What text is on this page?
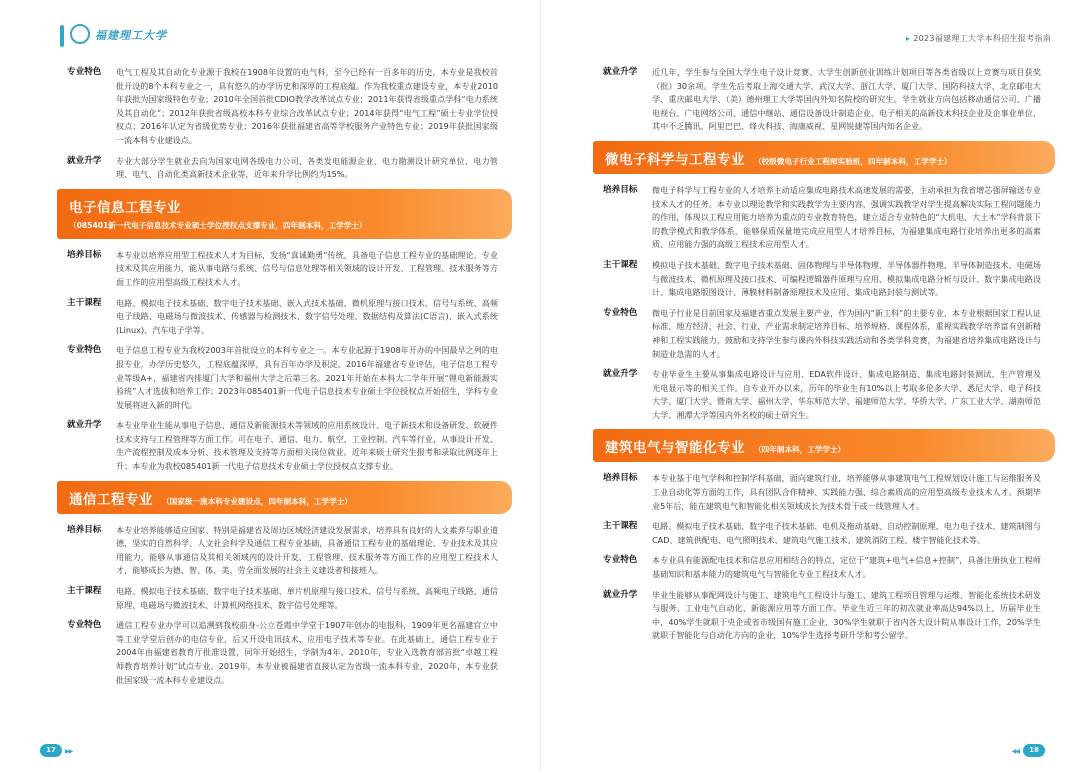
福建理工大学
专业特色	电气工程及其自动化专业源于我校在1908年设置的电气科，至今已经有一百多年的历史，本专业是我校首批开设的8个本科专业之一，具有悠久的办学历史和深厚的工程底蕴。作为我校重点建设专业，本专业2010年获批为国家级特色专业；2010年全国首批CDIO教学改革试点专业；2011年获得省级重点学科“电力系统及其自动化”；2012年获批省级高校本科专业综合改革试点专业；2014年获得“电气工程”硕士专业学位授权点；2016年认定为省级优势专业；2016年获批福建省高等学校服务产业特色专业；2019年获批国家级一流本科专业建设点。
就业升学	专业大部分学生就业去向为国家电网各级电力公司、各类发电能源企业、电力勘测设计研究单位、电力管理、电气、自动化类高新技术企业等，近年来升学比例约为15%。
电子信息工程专业
（085401新一代电子信息技术专业硕士学位授权点支撑专业，四年制本科，工学学士）
培养目标	本专业以培养应用型工程技术人才为目标，发扬“真诚勤勇”传统，具备电子信息工程专业的基础理论、专业技术及其应用能力，能从事电路与系统、信号与信息处理等相关领域的设计开发、工程管理、技术服务等方面工作的应用型高级工程技术人才。
主干课程	电路、模拟电子技术基础、数字电子技术基础、嵌入式技术基础、微机原理与接口技术、信号与系统、高频电子线路、电磁场与微波技术、传感器与检测技术、数字信号处理、数据结构及算法(C语言)、嵌入式系统(Linux)、汽车电子学等。
专业特色	电子信息工程专业为我校2003年首批设立的本科专业之一。本专业起源于1908年开办的中国最早之列的电报专业，办学历史悠久，工程底蕴深厚，具有百年办学及积淀。2016年福建省专业评估，电子信息工程专业等级A+，福建省内排厦门大学和福州大学之后第三名。2021年开始在本科大二学年开展“锂电新能源实验班”人才选拔和培养工作；2023年085401新一代电子信息技术专业硕士学位授权点开始招生，学科专业发展将进入新的时代。
就业升学	本专业毕业生能从事电子信息、通信及新能源技术等领域的应用系统设计、电子新技术和设备研发、软硬件技术支持与工程管理等方面工作。可在电子、通信、电力、航空、工业控制、汽车等行业，从事设计开发、生产流程控制及成本分析、技术管理及支持等方面相关岗位就业。近年来硕士研究生报考和录取比例逐年上升；本专业为我校085401新一代电子信息技术专业硕士学位授权点支撑专业。
通信工程专业 （国家级一流本科专业建设点，四年制本科，工学学士）
培养目标	本专业培养能够适应国家、特别是福建省及周边区域经济建设发展需求，培养具有良好的人文素养与职业道德，坚实的自然科学、人文社会科学及通信工程专业基础，具备通信工程专业的基础理论、专业技术及其应用能力，能够从事通信及其相关领域内的设计开发、工程管理、技术服务等方面工作的应用型工程技术人才，能够成长为德、智、体、美、劳全面发展的社会主义建设者和接班人。
主干课程	电路、模拟电子技术基础、数字电子技术基础、单片机原理与接口技术、信号与系统、高频电子线路、通信原理、电磁场与微波技术、计算机网络技术、数字信号处理等。
专业特色	通信工程专业办学可以追溯到我校前身-公立苍霞中学堂于1907年创办的电报科，1909年更名福建官立中等工业学堂后创办的电信专业，后又开设电讯技术、应用电子技术等专业。在此基础上，通信工程专业于2004年由福建省教育厅批准设置，同年开始招生，学制为4年。2010年，专业入选教育部首批“卓越工程师教育培养计划”试点专业。2019年，本专业被福建省直接认定为省级一流本科专业，2020年，本专业获批国家级一流本科专业建设点。
17	▶▶
▸ 2023福建理工大学本科招生报考指南
就业升学	近几年，学生参与全国大学生电子设计竞赛、大学生创新创业训练计划项目等各类省级以上竞赛与项目获奖（批）30余项。学生先后考取上海交通大学、武汉大学、浙江大学、厦门大学、国防科技大学、北京邮电大学、重庆邮电大学、（美）德州理工大学等国内外知名院校的研究生。学生就业方向包括移动通信公司、广播电视台、广电网络公司、通信中继站、通信设备设计制造企业、电子相关的高新技术科技企业及企事业单位，其中不乏腾讯、阿里巴巴、烽火科技、海康威视、星网锐捷等国内知名企业。
微电子科学与工程专业 （校级微电子行业工程师实验班，四年制本科，工学学士）
培养目标	微电子科学与工程专业的人才培养主动适应集成电路技术高速发展的需要，主动承担为我省增芯强屏输送专业技术人才的任务。本专业以理论教学和实践教学为主要内容，强调实践教学对学生提高解决实际工程问题能力的作用，体现以工程应用能力培养为重点的专业教育特色，建立适合专业特色的“大机电、大土木”学科背景下的教学模式和教学体系，能够保质保量地完成应用型人才培养目标，为福建集成电路行业培养出更多的高素质、应用能力强的高级工程技术应用型人才。
主干课程	模拟电子技术基础、数字电子技术基础、固体物理与半导体物理、半导体器件物理、半导体制造技术、电磁场与微波技术、微机原理及接口技术、可编程逻辑器件原理与应用、模拟集成电路分析与设计、数字集成电路设计、集成电路版图设计、薄膜材料制备原理技术及应用、集成电路封装与测试等。
专业特色	微电子行业是目前国家及福建省重点发展主要产业，作为国内“新工科”的主要专业，本专业根据国家工程认证标准、地方经济、社会、行业、产业需求制定培养目标、培养规格、课程体系，重视实践教学培养富有创新精神和工程实践能力，鼓励和支持学生参与课内外科技实践活动和各类学科竞赛，为福建省培养集成电路设计与制造业急需的人才。
就业升学	专业毕业生主要从事集成电路设计与应用、EDA软件设计、集成电路制造、集成电路封装测试、生产管理及光电显示等的相关工作。自专业开办以来，历年的毕业生有10%以上考取多伦多大学、悉尼大学、电子科技大学、厦门大学、暨南大学、福州大学、华东师范大学、福建师范大学、华侨大学、广东工业大学、湖南师范大学、湘潭大学等国内外名校的硕士研究生。
建筑电气与智能化专业 （四年制本科，工学学士）
培养目标	本专业基于电气学科和控制学科基础，面向建筑行业，培养能够从事建筑电气工程规划设计施工与运维服务及工业自动化等方面的工作，具有团队合作精神、实践能力强、综合素质高的应用型高级专业技术人才。预期毕业5年后，能在建筑电气和智能化相关领域成长为技术骨干或一线管理人才。
主干课程	电路、模拟电子技术基础、数字电子技术基础、电机及拖动基础、自动控制原理、电力电子技术、建筑制图与CAD、建筑供配电、电气照明技术、建筑电气施工技术、建筑消防工程、楼宇智能化技术等。
专业特色	本专业具有能源配电技术和信息应用相结合的特点，定位于“建筑+电气+信息+控制”，具备注册执业工程师基础知识和基本能力的建筑电气与智能化专业工程技术人才。
就业升学	毕业生能够从事配网设计与施工、建筑电气工程设计与施工、建筑工程项目管理与运维、智能化系统技术研发与服务、工业电气自动化、新能源应用等方面工作。毕业生近三年的初次就业率高达94%以上，历届毕业生中，40%学生就职于央企或省市级国有施工企业，30%学生就职于省内各大设计院从事设计工作，20%学生就职于智能化与自动化方向的企业，10%学生选择考研升学和考公留学。
◀◀	18
